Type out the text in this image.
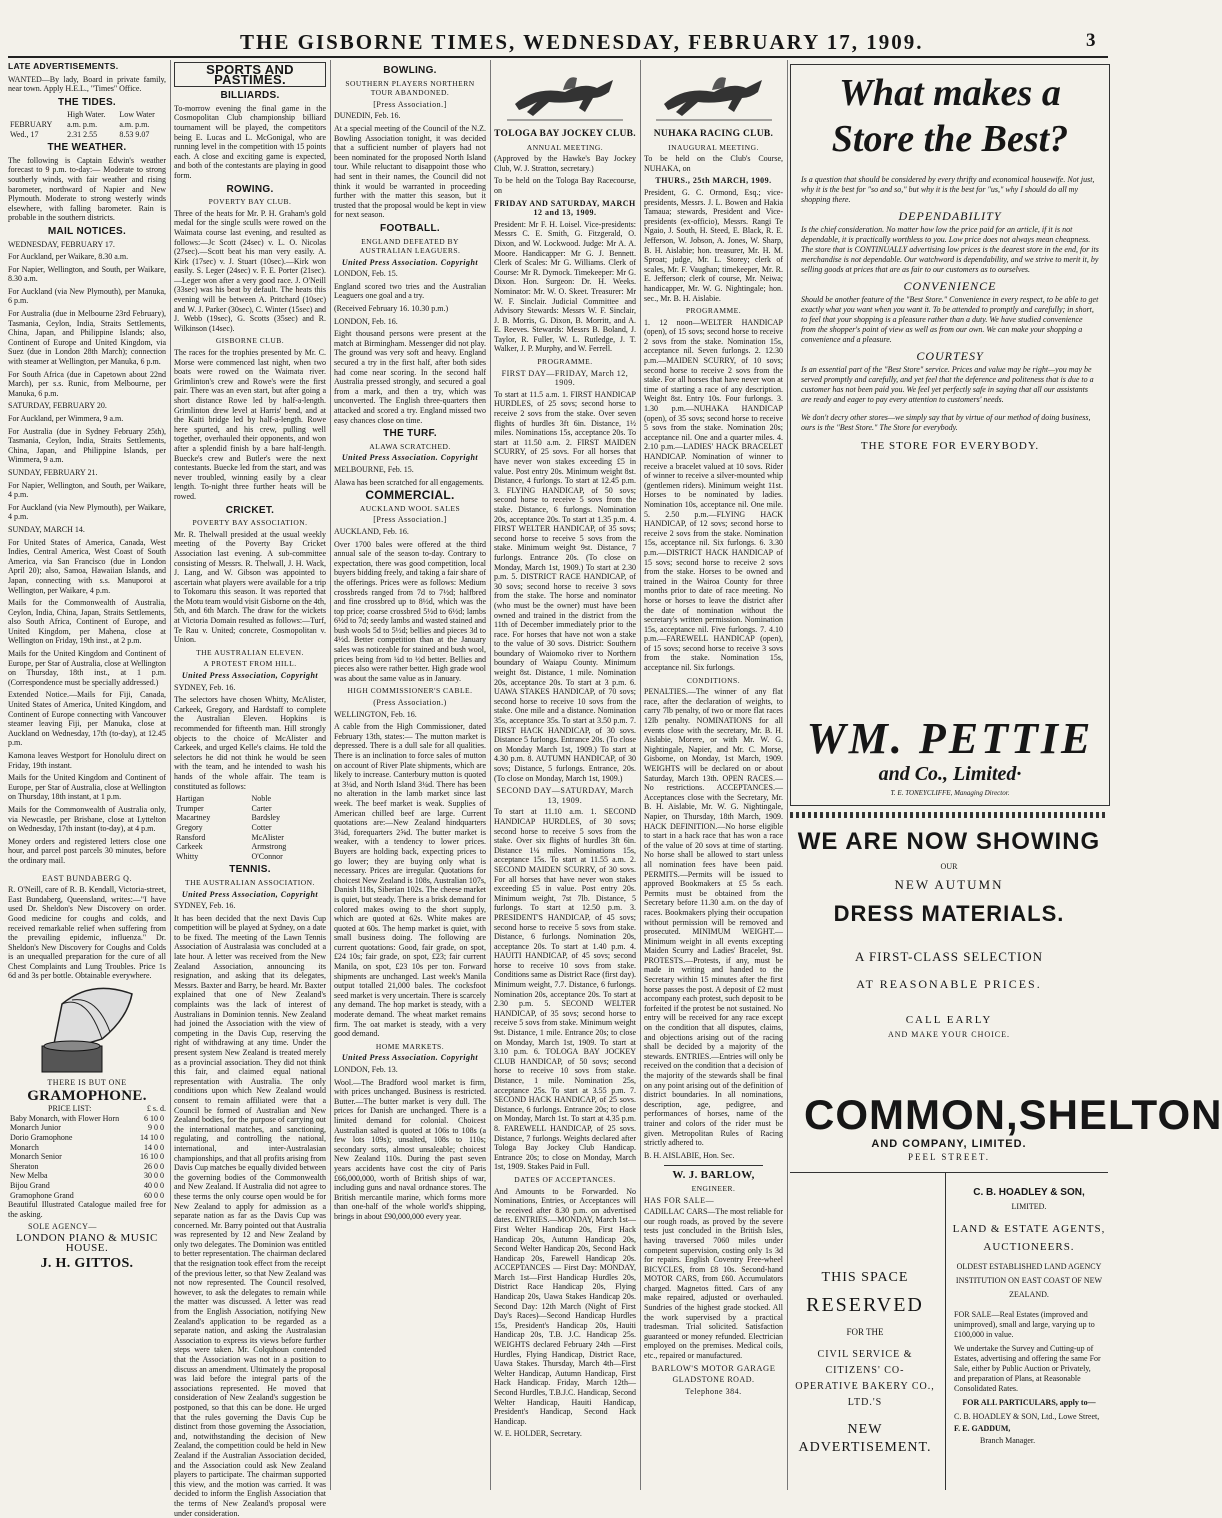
THE GISBORNE TIMES, WEDNESDAY, FEBRUARY 17, 1909.	3
LATE ADVERTISEMENTS.

WANTED—By lady, Board in private family, near town. Apply H.E.L., "Times" Office.

THE TIDES.
	High Water.	Low Water
FEBRUARY	a.m. p.m.	a.m. p.m.
Wed., 17	2.31 2.55	8.53 9.07
THE WEATHER.

The following is Captain Edwin's weather forecast to 9 p.m. to-day:— Moderate to strong southerly winds, with fair weather and rising barometer, northward of Napier and New Plymouth. Moderate to strong westerly winds elsewhere, with falling barometer. Rain is probable in the southern districts.

MAIL NOTICES.

WEDNESDAY, FEBRUARY 17.

For Auckland, per Waikare, 8.30 a.m.

For Napier, Wellington, and South, per Waikare, 8.30 a.m.

For Auckland (via New Plymouth), per Manuka, 6 p.m.

For Australia (due in Melbourne 23rd February), Tasmania, Ceylon, India, Straits Settlements, China, Japan, and Philippine Islands; also, Continent of Europe and United Kingdom, via Suez (due in London 28th March); connection with steamer at Wellington, per Manuka, 6 p.m.

For South Africa (due in Capetown about 22nd March), per s.s. Runic, from Melbourne, per Manuka, 6 p.m.

SATURDAY, FEBRUARY 20.

For Auckland, per Wimmera, 9 a.m.

For Australia (due in Sydney February 25th), Tasmania, Ceylon, India, Straits Settlements, China, Japan, and Philippine Islands, per Wimmera, 9 a.m.

SUNDAY, FEBRUARY 21.

For Napier, Wellington, and South, per Waikare, 4 p.m.

For Auckland (via New Plymouth), per Waikare, 4 p.m.

SUNDAY, MARCH 14.

For United States of America, Canada, West Indies, Central America, West Coast of South America, via San Francisco (due in London April 20); also, Samoa, Hawaiian Islands, and Japan, connecting with s.s. Manuporoi at Wellington, per Waikare, 4 p.m.

Mails for the Commonwealth of Australia, Ceylon, India, China, Japan, Straits Settlements, also South Africa, Continent of Europe, and United Kingdom, per Mahena, close at Wellington on Friday, 19th inst., at 2 p.m.

Mails for the United Kingdom and Continent of Europe, per Star of Australia, close at Wellington on Thursday, 18th inst., at 1 p.m. (Correspondence must be specially addressed.)

Extended Notice.—Mails for Fiji, Canada, United States of America, United Kingdom, and Continent of Europe connecting with Vancouver steamer leaving Fiji, per Manuka, close at Auckland on Wednesday, 17th (to-day), at 12.45 p.m.

Kamona leaves Westport for Honolulu direct on Friday, 19th instant.

Mails for the United Kingdom and Continent of Europe, per Star of Australia, close at Wellington on Thursday, 18th instant, at 1 p.m.

Mails for the Commonwealth of Australia only, via Newcastle, per Brisbane, close at Lyttelton on Wednesday, 17th instant (to-day), at 4 p.m.

Money orders and registered letters close one hour, and parcel post parcels 30 minutes, before the ordinary mail.

EAST BUNDABERG Q.

R. O'Neill, care of R. B. Kendall, Victoria-street, East Bundaberg, Queensland, writes:—"I have used Dr. Sheldon's New Discovery on order. Good medicine for coughs and colds, and received remarkable relief when suffering from the prevailing epidemic, influenza." Dr. Sheldon's New Discovery for Coughs and Colds is an unequalled preparation for the cure of all Chest Complaints and Lung Troubles. Price 1s 6d and 3s per bottle. Obtainable everywhere.

THERE IS BUT ONE
GRAMOPHONE.
PRICE LIST:	£ s. d.
Baby Monarch, with Flower Horn	6 10 0
Monarch Junior	9 0 0
Dorio Gramophone	14 10 0
Monarch	14 0 0
Monarch Senior	16 10 0
Sheraton	26 0 0
New Melba	30 0 0
Bijou Grand	40 0 0
Gramophone Grand	60 0 0

Beautiful Illustrated Catalogue mailed free for the asking.

SOLE AGENCY—
LONDON PIANO & MUSIC HOUSE.
J. H. GITTOS.
SPORTS AND PASTIMES.
BILLIARDS.

To-morrow evening the final game in the Cosmopolitan Club championship billiard tournament will be played, the competitors being E. Lucas and L. McGonigal, who are running level in the competition with 15 points each. A close and exciting game is expected, and both of the contestants are playing in good form.

ROWING.
POVERTY BAY CLUB.

Three of the heats for Mr. P. H. Graham's gold medal for the single sculls were rowed on the Waimata course last evening, and resulted as follows:—Jc Scott (24sec) v. L. O. Nicolas (27sec).—Scott beat his man very easily. A. Kirk (17sec) v. J. Stuart (10sec).—Kirk won easily. S. Leger (24sec) v. F. E. Porter (21sec).—Leger won after a very good race. J. O'Neill (33sec) was his beat by default. The heats this evening will be between A. Pritchard (10sec) and W. J. Parker (30sec), C. Winter (15sec) and J. Webb (19sec), G. Scotts (35sec) and R. Wilkinson (14sec).

GISBORNE CLUB.

The races for the trophies presented by Mr. C. Morse were commenced last night, when two boats were rowed on the Waimata river. Grimlinton's crew and Rowe's were the first pair. There was an even start, but after going a short distance Rowe led by half-a-length. Grimlinton drew level at Harris' bend, and at the Kaiti bridge led by half-a-length. Rowe here spurted, and his crew, pulling well together, overhauled their opponents, and won after a splendid finish by a bare half-length. Buecke's crew and Butler's were the next contestants. Buecke led from the start, and was never troubled, winning easily by a clear length. To-night three further heats will be rowed.

CRICKET.
POVERTY BAY ASSOCIATION.

Mr. R. Thelwall presided at the usual weekly meeting of the Poverty Bay Cricket Association last evening. A sub-committee consisting of Messrs. R. Thelwall, J. H. Wack, J. Lang, and W. Gibson was appointed to ascertain what players were available for a trip to Tokomaru this season. It was reported that the Motu team would visit Gisborne on the 4th, 5th, and 6th March. The draw for the wickets at Victoria Domain resulted as follows:—Turf, Te Rau v. United; concrete, Cosmopolitan v. Union.

THE AUSTRALIAN ELEVEN.
A PROTEST FROM HILL.
United Press Association, Copyright

SYDNEY, Feb. 16.

The selectors have chosen Whitty, McAlister, Carkeek, Gregory, and Hardstaff to complete the Australian Eleven. Hopkins is recommended for fifteenth man. Hill strongly objects to the choice of McAlister and Carkeek, and urged Kelle's claims. He told the selectors he did not think he would be seen with the team, and he intended to wash his hands of the whole affair. The team is constituted as follows:

Hartigan	Noble
Trumper	Carter
Macartney	Bardsley
Gregory	Cotter
Ransford	McAlister
Carkeek	Armstrong
Whitty	O'Connor
TENNIS.
THE AUSTRALIAN ASSOCIATION.
United Press Association, Copyright

SYDNEY, Feb. 16.

It has been decided that the next Davis Cup competition will be played at Sydney, on a date to be fixed. The meeting of the Lawn Tennis Association of Australasia was concluded at a late hour. A letter was received from the New Zealand Association, announcing its resignation, and asking that its delegates, Messrs. Baxter and Barry, be heard. Mr. Baxter explained that one of New Zealand's complaints was the lack of interest of Australians in Dominion tennis. New Zealand had joined the Association with the view of competing in the Davis Cup, reserving the right of withdrawing at any time. Under the present system New Zealand is treated merely as a provincial association. They did not think this fair, and claimed equal national representation with Australia. The only conditions upon which New Zealand would consent to remain affiliated were that a Council be formed of Australian and New Zealand bodies, for the purpose of carrying out the international matches, and sanctioning, regulating, and controlling the national, international, and inter-Australasian championships, and that all profits arising from Davis Cup matches be equally divided between the governing bodies of the Commonwealth and New Zealand. If Australia did not agree to these terms the only course open would be for New Zealand to apply for admission as a separate nation as far as the Davis Cup was concerned. Mr. Barry pointed out that Australia was represented by 12 and New Zealand by only two delegates. The Dominion was entitled to better representation. The chairman declared that the resignation took effect from the receipt of the previous letter, so that New Zealand was not now represented. The Council resolved, however, to ask the delegates to remain while the matter was discussed. A letter was read from the English Association, notifying New Zealand's application to be regarded as a separate nation, and asking the Australasian Association to express its views before further steps were taken. Mr. Colquhoun contended that the Association was not in a position to discuss an amendment. Ultimately the proposal was laid before the integral parts of the associations represented. He moved that consideration of New Zealand's suggestion be postponed, so that this can be done. He urged that the rules governing the Davis Cup be distinct from those governing the Association, and, notwithstanding the decision of New Zealand, the competition could be held in New Zealand if the Australian Association decided, and the Association could ask New Zealand players to participate. The chairman supported this view, and the motion was carried. It was decided to inform the English Association that the terms of New Zealand's proposal were under consideration.

BOWLING.
SOUTHERN PLAYERS NORTHERN TOUR ABANDONED.
[Press Association.]

DUNEDIN, Feb. 16.

At a special meeting of the Council of the N.Z. Bowling Association tonight, it was decided that a sufficient number of players had not been nominated for the proposed North Island tour. While reluctant to disappoint those who had sent in their names, the Council did not think it would be warranted in proceeding further with the matter this season, but it trusted that the proposal would be kept in view for next season.

FOOTBALL.
ENGLAND DEFEATED BY AUSTRALIAN LEAGUERS.
United Press Association. Copyright

LONDON, Feb. 15.

England scored two tries and the Australian Leaguers one goal and a try.

(Received February 16. 10.30 p.m.)

LONDON, Feb. 16.

Eight thousand persons were present at the match at Birmingham. Messenger did not play. The ground was very soft and heavy. England secured a try in the first half, after both sides had come near scoring. In the second half Australia pressed strongly, and secured a goal from a mark, and then a try, which was unconverted. The English three-quarters then attacked and scored a try. England missed two easy chances close on time.

THE TURF.
ALAWA SCRATCHED.
United Press Association. Copyright

MELBOURNE, Feb. 15.

Alawa has been scratched for all engagements.

COMMERCIAL.
AUCKLAND WOOL SALES
[Press Association.]

AUCKLAND, Feb. 16.

Over 1700 bales were offered at the third annual sale of the season to-day. Contrary to expectation, there was good competition, local buyers bidding freely, and taking a fair share of the offerings. Prices were as follows: Medium crossbreds ranged from 7d to 7½d; halfbred and fine crossbred up to 8½d, which was the top price; coarse crossbred 5½d to 6½d; lambs 6½d to 7d; seedy lambs and wasted stained and bush wools 5d to 5½d; bellies and pieces 3d to 4½d. Better competition than at the January sales was noticeable for stained and bush wool, prices being from ¼d to ½d better. Bellies and pieces also were rather better. High grade wool was about the same value as in January.

HIGH COMMISSIONER'S CABLE.
(Press Association.)

WELLINGTON, Feb. 16.

A cable from the High Commissioner, dated February 13th, states:— The mutton market is depressed. There is a dull sale for all qualities. There is an inclination to force sales of mutton on account of River Plate shipments, which are likely to increase. Canterbury mutton is quoted at 3¼d, and North Island 3¼d. There has been no alteration in the lamb market since last week. The beef market is weak. Supplies of American chilled beef are large. Current quotations are:—New Zealand hindquarters 3¼d, forequarters 2⅝d. The butter market is weaker, with a tendency to lower prices. Buyers are holding back, expecting prices to go lower; they are buying only what is necessary. Prices are irregular. Quotations for choicest New Zealand is 108s, Australian 107s, Danish 118s, Siberian 102s. The cheese market is quiet, but steady. There is a brisk demand for colored makes owing to the short supply, which are quoted at 62s. White makes are quoted at 60s. The hemp market is quiet, with small business doing. The following are current quotations: Good, fair grade, on spot, £24 10s; fair grade, on spot, £23; fair current Manila, on spot, £23 10s per ton. Forward shipments are unchanged. Last week's Manila output totalled 21,000 bales. The cocksfoot seed market is very uncertain. There is scarcely any demand. The hop market is steady, with a moderate demand. The wheat market remains firm. The oat market is steady, with a very good demand.

HOME MARKETS.
United Press Association. Copyright

LONDON, Feb. 13.

Wool.—The Bradford wool market is firm, with prices unchanged. Business is restricted. Butter.—The butter market is very dull. The prices for Danish are unchanged. There is a limited demand for colonial. Choicest Australian salted is quoted at 106s to 108s (a few lots 109s); unsalted, 108s to 110s; secondary sorts, almost unsaleable; choicest New Zealand 110s. During the past seven years accidents have cost the city of Paris £66,000,000, worth of British ships of war, including guns and naval ordnance stores. The British mercantile marine, which forms more than one-half of the whole world's shipping, brings in about £90,000,000 every year.

TOLOGA BAY JOCKEY CLUB.
ANNUAL MEETING.

(Approved by the Hawke's Bay Jockey Club, W. J. Stratton, secretary.)

To be held on the Tologa Bay Racecourse, on

FRIDAY AND SATURDAY, MARCH 12 and 13, 1909.

President: Mr F. H. Loisel. Vice-presidents: Messrs C. E. Smith, G. Fitzgerald, O. Dixon, and W. Lockwood. Judge: Mr A. A. Moore. Handicapper: Mr G. J. Bennett. Clerk of Scales: Mr G. Williams. Clerk of Course: Mr R. Dymock. Timekeeper: Mr G. Dixon. Hon. Surgeon: Dr. H. Weeks. Nominator: Mr. W. O. Skeet. Treasurer: Mr W. F. Sinclair. Judicial Committee and Advisory Stewards: Messrs W. F. Sinclair, J. B. Morris, G. Dixon, B. Morritt, and A. E. Reeves. Stewards: Messrs B. Boland, J. Taylor, R. Fuller, W. L. Rutledge, J. T. Walker, J. P. Murphy, and W. Ferrell.

PROGRAMME.
FIRST DAY—FRIDAY, March 12, 1909.

To start at 11.5 a.m. 1. FIRST HANDICAP HURDLES, of 25 sovs; second horse to receive 2 sovs from the stake. Over seven flights of hurdles 3ft 6in. Distance, 1½ miles. Nominations 15s, acceptance 20s. To start at 11.50 a.m. 2. FIRST MAIDEN SCURRY, of 25 sovs. For all horses that have never won stakes exceeding £5 in value. Post entry 20s. Minimum weight 8st. Distance, 4 furlongs. To start at 12.45 p.m. 3. FLYING HANDICAP, of 50 sovs; second horse to receive 5 sovs from the stake. Distance, 6 furlongs. Nomination 20s, acceptance 20s. To start at 1.35 p.m. 4. FIRST WELTER HANDICAP, of 35 sovs; second horse to receive 5 sovs from the stake. Minimum weight 9st. Distance, 7 furlongs. Entrance 20s. (To close on Monday, March 1st, 1909.) To start at 2.30 p.m. 5. DISTRICT RACE HANDICAP, of 30 sovs; second horse to receive 3 sovs from the stake. The horse and nominator (who must be the owner) must have been owned and trained in the district from the 11th of December immediately prior to the race. For horses that have not won a stake to the value of 30 sovs. District: Southern boundary of Waiomoko river to Northern boundary of Waiapu County. Minimum weight 8st. Distance, 1 mile. Nomination 20s, acceptance 20s. To start at 3 p.m. 6. UAWA STAKES HANDICAP, of 70 sovs; second horse to receive 10 sovs from the stake. One mile and a distance. Nomination 35s, acceptance 35s. To start at 3.50 p.m. 7. FIRST HACK HANDICAP, of 30 sovs. Distance 5 furlongs. Entrance 20s. (To close on Monday March 1st, 1909.) To start at 4.30 p.m. 8. AUTUMN HANDICAP, of 30 sovs; Distance, 5 furlongs. Entrance, 20s. (To close on Monday, March 1st, 1909.)

SECOND DAY—SATURDAY, March 13, 1909.

To start at 11.10 a.m. 1. SECOND HANDICAP HURDLES, of 30 sovs; second horse to receive 5 sovs from the stake. Over six flights of hurdles 3ft 6in. Distance 1¼ miles. Nominations 15s, acceptance 15s. To start at 11.55 a.m. 2. SECOND MAIDEN SCURRY, of 30 sovs. For all horses that have never won stakes exceeding £5 in value. Post entry 20s. Minimum weight, 7st 7lb. Distance, 5 furlongs. To start at 12.50 p.m. 3. PRESIDENT'S HANDICAP, of 45 sovs; second horse to receive 5 sovs from stake. Distance, 6 furlongs. Nomination 20s, acceptance 20s. To start at 1.40 p.m. 4. HAUITI HANDICAP, of 45 sovs; second horse to receive 10 sovs from stake. Conditions same as District Race (first day). Minimum weight, 7.7. Distance, 6 furlongs. Nomination 20s, acceptance 20s. To start at 2.30 p.m. 5. SECOND WELTER HANDICAP, of 35 sovs; second horse to receive 5 sovs from stake. Minimum weight 9st. Distance, 1 mile. Entrance 20s; to close on Monday, March 1st, 1909. To start at 3.10 p.m. 6. TOLOGA BAY JOCKEY CLUB HANDICAP, of 50 sovs; second horse to receive 10 sovs from stake. Distance, 1 mile. Nomination 25s, acceptance 25s. To start at 3.55 p.m. 7. SECOND HACK HANDICAP, of 25 sovs. Distance, 6 furlongs. Entrance 20s; to close on Monday, March 1st. To start at 4.35 p.m. 8. FAREWELL HANDICAP, of 25 sovs. Distance, 7 furlongs. Weights declared after Tologa Bay Jockey Club Handicap. Entrance 20s; to close on Monday, March 1st, 1909. Stakes Paid in Full.

DATES OF ACCEPTANCES.

And Amounts to be Forwarded. No Nominations, Entries, or Acceptances will be received after 8.30 p.m. on advertised dates. ENTRIES.—MONDAY, March 1st—First Welter Handicap 20s, First Hack Handicap 20s, Autumn Handicap 20s, Second Welter Handicap 20s, Second Hack Handicap 20s, Farewell Handicap 20s. ACCEPTANCES — First Day: MONDAY, March 1st—First Handicap Hurdles 20s, District Race Handicap 20s, Flying Handicap 20s, Uawa Stakes Handicap 20s. Second Day: 12th March (Night of First Day's Races)—Second Handicap Hurdles 15s, President's Handicap 20s, Hauiti Handicap 20s, T.B. J.C. Handicap 25s. WEIGHTS declared February 24th —First Hurdles, Flying Handicap, District Race, Uawa Stakes. Thursday, March 4th—First Welter Handicap, Autumn Handicap, First Hack Handicap. Friday, March 12th—Second Hurdles, T.B.J.C. Handicap, Second Welter Handicap, Hauiti Handicap, President's Handicap, Second Hack Handicap.

W. E. HOLDER, Secretary.

NUHAKA RACING CLUB.
INAUGURAL MEETING.

To be held on the Club's Course, NUHAKA, on

THURS., 25th MARCH, 1909.

President, G. C. Ormond, Esq.; vice-presidents, Messrs. J. L. Bowen and Hakia Tamaua; stewards, President and Vice-presidents (ex-officio), Messrs. Rangi Te Ngaio, J. South, H. Steed, E. Black, R. E. Jefferson, W. Jobson, A. Jones, W. Sharp, B. H. Aislabie; hon. treasurer, Mr. H. M. Sproat; judge, Mr. L. Storey; clerk of scales, Mr. F. Vaughan; timekeeper, Mr. R. E. Jefferson; clerk of course, Mr. Neiwa; handicapper, Mr. W. G. Nightingale; hon. sec., Mr. B. H. Aislabie.

PROGRAMME.

1. 12 noon—WELTER HANDICAP (open), of 15 sovs; second horse to receive 2 sovs from the stake. Nomination 15s, acceptance nil. Seven furlongs. 2. 12.30 p.m.—MAIDEN SCURRY, of 10 sovs; second horse to receive 2 sovs from the stake. For all horses that have never won at time of starting a race of any description. Weight 8st. Entry 10s. Four furlongs. 3. 1.30 p.m.—NUHAKA HANDICAP (open), of 35 sovs; second horse to receive 5 sovs from the stake. Nomination 20s; acceptance nil. One and a quarter miles. 4. 2.10 p.m.—LADIES' HACK BRACELET HANDICAP. Nomination of winner to receive a bracelet valued at 10 sovs. Rider of winner to receive a silver-mounted whip (gentlemen riders). Minimum weight 11st. Horses to be nominated by ladies. Nomination 10s, acceptance nil. One mile. 5. 2.50 p.m.—FLYING HACK HANDICAP, of 12 sovs; second horse to receive 2 sovs from the stake. Nomination 15s, acceptance nil. Six furlongs. 6. 3.30 p.m.—DISTRICT HACK HANDICAP of 15 sovs; second horse to receive 2 sovs from the stake. Horses to be owned and trained in the Wairoa County for three months prior to date of race meeting. No horse or horses to leave the district after the date of nomination without the secretary's written permission. Nomination 15s, acceptance nil. Five furlongs. 7. 4.10 p.m.—FAREWELL HANDICAP (open), of 15 sovs; second horse to receive 3 sovs from the stake. Nomination 15s, acceptance nil. Six furlongs.

CONDITIONS.

PENALTIES.—The winner of any flat race, after the declaration of weights, to carry 7lb penalty, of two or more flat races 12lb penalty. NOMINATIONS for all events close with the secretary, Mr. B. H. Aislabie, Morere, or with Mr. W. G. Nightingale, Napier, and Mr. C. Morse, Gisborne, on Monday, 1st March, 1909. WEIGHTS will be declared on or about Saturday, March 13th. OPEN RACES.—No restrictions. ACCEPTANCES.—Acceptances close with the Secretary, Mr. B. H. Aislabie, Mr. W. G. Nightingale, Napier, on Thursday, 18th March, 1909. HACK DEFINITION.—No horse eligible to start in a hack race that has won a race of the value of 20 sovs at time of starting. No horse shall be allowed to start unless all nomination fees have been paid. PERMITS.—Permits will be issued to approved Bookmakers at £5 5s each. Permits must be obtained from the Secretary before 11.30 a.m. on the day of races. Bookmakers plying their occupation without permission will be removed and prosecuted. MINIMUM WEIGHT.—Minimum weight in all events excepting Maiden Scurry and Ladies' Bracelet, 9st. PROTESTS.—Protests, if any, must be made in writing and handed to the Secretary within 15 minutes after the first horse passes the post. A deposit of £2 must accompany each protest, such deposit to be forfeited if the protest be not sustained. No entry will be received for any race except on the condition that all disputes, claims, and objections arising out of the racing shall be decided by a majority of the stewards. ENTRIES.—Entries will only be received on the condition that a decision of the majority of the stewards shall be final on any point arising out of the definition of district boundaries. In all nominations, description, age, pedigree, and performances of horses, name of the trainer and colors of the rider must be given. Metropolitan Rules of Racing strictly adhered to.

B. H. AISLABIE, Hon. Sec.

W. J. BARLOW,
ENGINEER.
HAS FOR SALE—

CADILLAC CARS—The most reliable for our rough roads, as proved by the severe tests just concluded in the British Isles, having traversed 7060 miles under competent supervision, costing only 1s 3d for repairs. English Coventry Free-wheel BICYCLES, from £8 10s. Second-hand MOTOR CARS, from £60. Accumulators charged. Magnetos fitted. Cars of any make repaired, adjusted or overhauled. Sundries of the highest grade stocked. All the work supervised by a practical tradesman. Trial solicited. Satisfaction guaranteed or money refunded. Electrician employed on the premises. Medical coils, etc., repaired or manufactured.

BARLOW'S MOTOR GARAGE
GLADSTONE ROAD.
Telephone 384.
What makes a
Store the Best?

Is a question that should be considered by every thrifty and economical housewife. Not just, why it is the best for "so and so," but why it is the best for "us," why I should do all my shopping there.

DEPENDABILITY

Is the chief consideration. No matter how low the price paid for an article, if it is not dependable, it is practically worthless to you. Low price does not always mean cheapness. The store that is CONTINUALLY advertising low prices is the dearest store in the end, for its merchandise is not dependable. Our watchword is dependability, and we strive to merit it, by selling goods at prices that are as fair to our customers as to ourselves.

CONVENIENCE

Should be another feature of the "Best Store." Convenience in every respect, to be able to get exactly what you want when you want it. To be attended to promptly and carefully; in short, to feel that your shopping is a pleasure rather than a duty. We have studied convenience from the shopper's point of view as well as from our own. We can make your shopping a convenience and a pleasure.

COURTESY

Is an essential part of the "Best Store" service. Prices and value may be right—you may be served promptly and carefully, and yet feel that the deference and politeness that is due to a customer has not been paid you. We feel yet perfectly safe in saying that all our assistants are ready and eager to pay every attention to customers' needs.

We don't decry other stores—we simply say that by virtue of our method of doing business, ours is the "Best Store." The Store for everybody.

THE STORE FOR EVERYBODY.
WM. PETTIE
and Co., Limited·
T. E. TONEYCLIFFE, Managing Director.
WE ARE NOW SHOWING
OUR
NEW AUTUMN
DRESS MATERIALS.
A FIRST-CLASS SELECTION
AT REASONABLE PRICES.
CALL EARLY
AND MAKE YOUR CHOICE.
COMMON, SHELTON
AND COMPANY, LIMITED.
PEEL STREET.
THIS SPACE
RESERVED
FOR THE
CIVIL SERVICE & CITIZENS' CO-OPERATIVE BAKERY CO., LTD.'S
NEW ADVERTISEMENT.
C. B. HOADLEY & SON,
LIMITED.
LAND & ESTATE AGENTS,
AUCTIONEERS.

OLDEST ESTABLISHED LAND AGENCY INSTITUTION ON EAST COAST OF NEW ZEALAND.

FOR SALE—Real Estates (improved and unimproved), small and large, varying up to £100,000 in value.

We undertake the Survey and Cutting-up of Estates, advertising and offering the same For Sale, either by Public Auction or Privately, and preparation of Plans, at Reasonable Consolidated Rates.

FOR ALL PARTICULARS, apply to—

C. B. HOADLEY & SON, Ltd., Lowe Street,

F. E. GADDUM,

Branch Manager.
